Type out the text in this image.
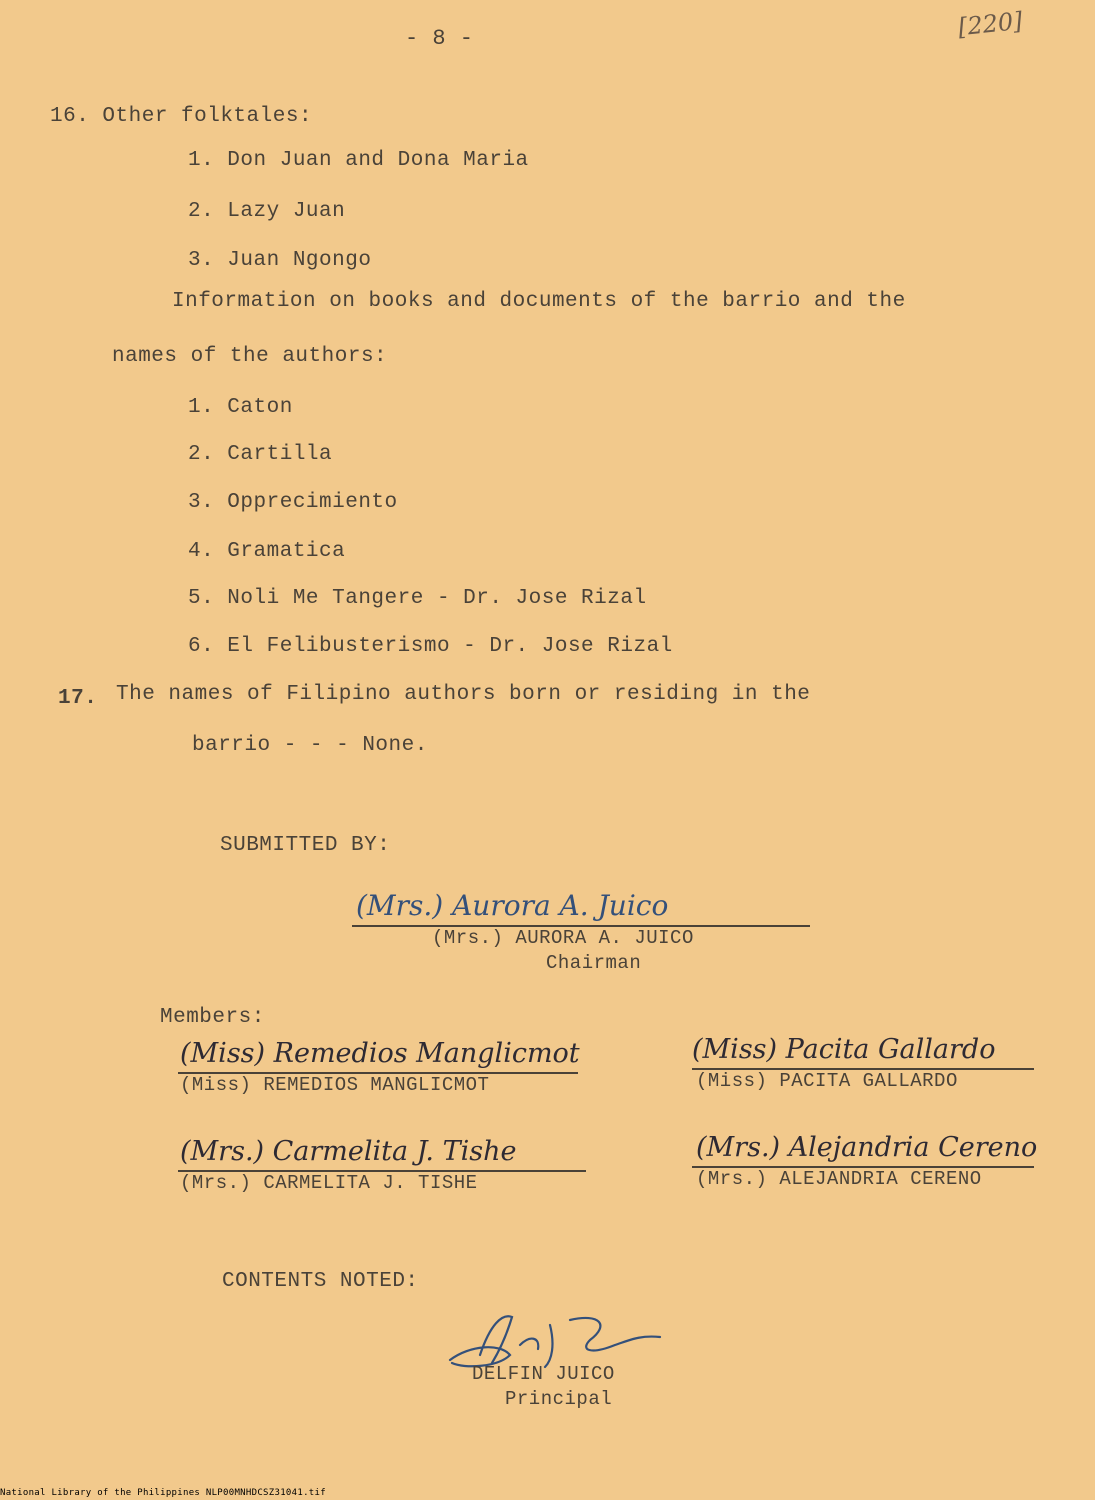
- 8 -	[220]
16. Other folktales:
1. Don Juan and Dona Maria
2. Lazy Juan
3. Juan Ngongo
Information on books and documents of the barrio and the
names of the authors:
1. Caton
2. Cartilla
3. Opprecimiento
4. Gramatica
5. Noli Me Tangere - Dr. Jose Rizal
6. El Felibusterismo - Dr. Jose Rizal
17. The names of Filipino authors born or residing in the
barrio - - - None.
SUBMITTED BY:
(Mrs.) Aurora A. Juico
(Mrs.) AURORA A. JUICO
Chairman
Members:
(Miss) Remedios Manglicmot
(Miss) REMEDIOS MANGLICMOT
(Miss) Pacita Gallardo
(Miss) PACITA GALLARDO
(Mrs.) Carmelita J. Tishe
(Mrs.) CARMELITA J. TISHE
(Mrs.) Alejandria Cereno
(Mrs.) ALEJANDRIA CERENO
CONTENTS NOTED:
DELFIN JUICO
Principal
National Library of the Philippines NLP00MNHDCSZ31041.tif
